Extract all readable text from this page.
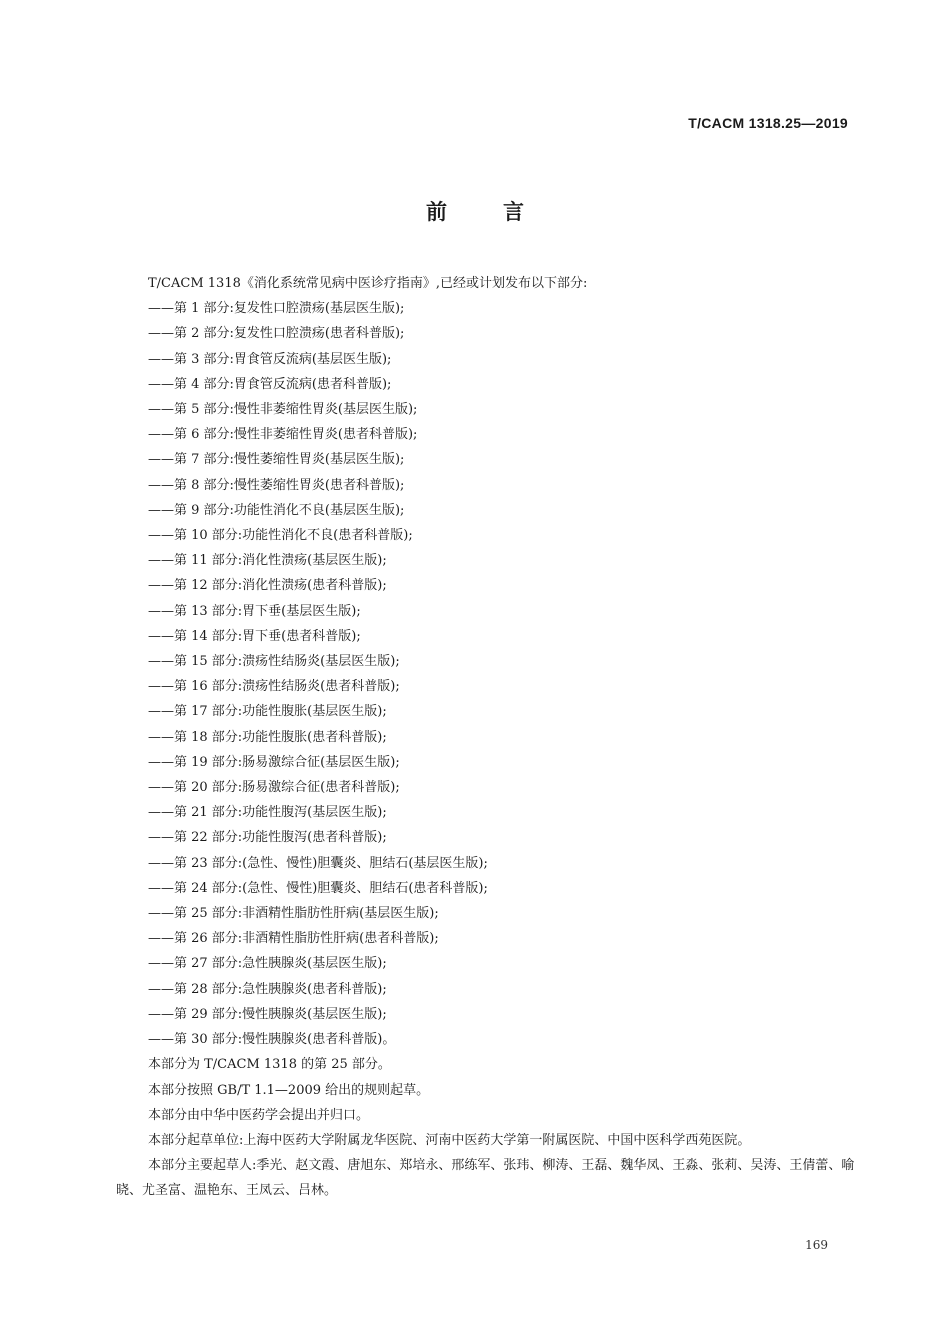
T/CACM 1318.25—2019
前言

T/CACM 1318《消化系统常见病中医诊疗指南》,已经或计划发布以下部分:

——第 1 部分:复发性口腔溃疡(基层医生版);

——第 2 部分:复发性口腔溃疡(患者科普版);

——第 3 部分:胃食管反流病(基层医生版);

——第 4 部分:胃食管反流病(患者科普版);

——第 5 部分:慢性非萎缩性胃炎(基层医生版);

——第 6 部分:慢性非萎缩性胃炎(患者科普版);

——第 7 部分:慢性萎缩性胃炎(基层医生版);

——第 8 部分:慢性萎缩性胃炎(患者科普版);

——第 9 部分:功能性消化不良(基层医生版);

——第 10 部分:功能性消化不良(患者科普版);

——第 11 部分:消化性溃疡(基层医生版);

——第 12 部分:消化性溃疡(患者科普版);

——第 13 部分:胃下垂(基层医生版);

——第 14 部分:胃下垂(患者科普版);

——第 15 部分:溃疡性结肠炎(基层医生版);

——第 16 部分:溃疡性结肠炎(患者科普版);

——第 17 部分:功能性腹胀(基层医生版);

——第 18 部分:功能性腹胀(患者科普版);

——第 19 部分:肠易激综合征(基层医生版);

——第 20 部分:肠易激综合征(患者科普版);

——第 21 部分:功能性腹泻(基层医生版);

——第 22 部分:功能性腹泻(患者科普版);

——第 23 部分:(急性、慢性)胆囊炎、胆结石(基层医生版);

——第 24 部分:(急性、慢性)胆囊炎、胆结石(患者科普版);

——第 25 部分:非酒精性脂肪性肝病(基层医生版);

——第 26 部分:非酒精性脂肪性肝病(患者科普版);

——第 27 部分:急性胰腺炎(基层医生版);

——第 28 部分:急性胰腺炎(患者科普版);

——第 29 部分:慢性胰腺炎(基层医生版);

——第 30 部分:慢性胰腺炎(患者科普版)。

本部分为 T/CACM 1318 的第 25 部分。

本部分按照 GB/T 1.1—2009 给出的规则起草。

本部分由中华中医药学会提出并归口。

本部分起草单位:上海中医药大学附属龙华医院、河南中医药大学第一附属医院、中国中医科学西苑医院。

本部分主要起草人:季光、赵文霞、唐旭东、郑培永、邢练军、张玮、柳涛、王磊、魏华凤、王淼、张莉、吴涛、王倩蕾、喻晓、尤圣富、温艳东、王凤云、吕林。

169
